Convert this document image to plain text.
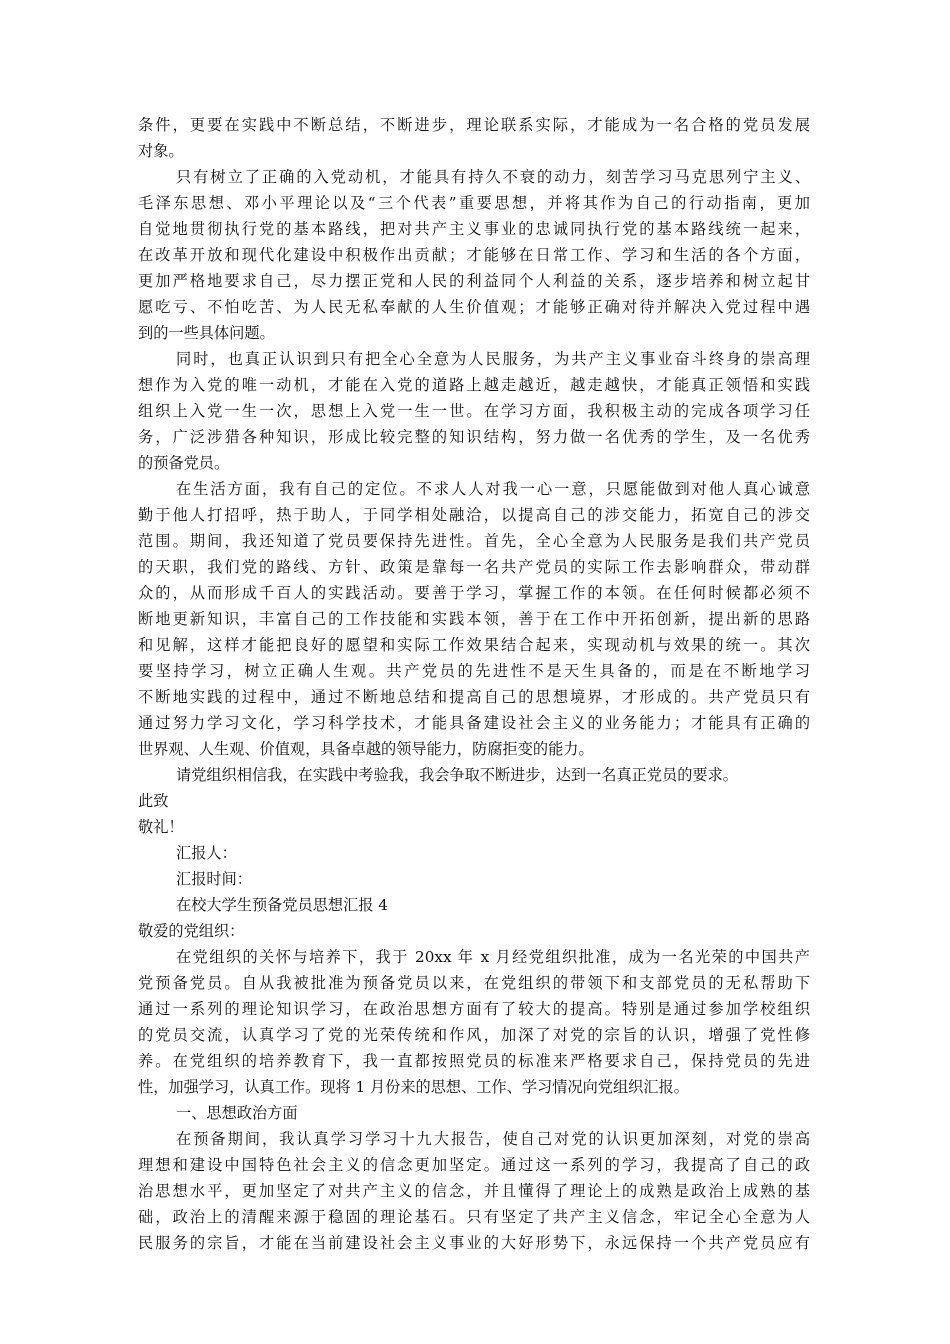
条件，更要在实践中不断总结，不断进步，理论联系实际，才能成为一名合格的党员发展
对象。
只有树立了正确的入党动机，才能具有持久不衰的动力，刻苦学习马克思列宁主义、
毛泽东思想、邓小平理论以及“三个代表”重要思想，并将其作为自己的行动指南，更加
自觉地贯彻执行党的基本路线，把对共产主义事业的忠诚同执行党的基本路线统一起来，
在改革开放和现代化建设中积极作出贡献；才能够在日常工作、学习和生活的各个方面，
更加严格地要求自己，尽力摆正党和人民的利益同个人利益的关系，逐步培养和树立起甘
愿吃亏、不怕吃苦、为人民无私奉献的人生价值观；才能够正确对待并解决入党过程中遇
到的一些具体问题。
同时，也真正认识到只有把全心全意为人民服务，为共产主义事业奋斗终身的崇高理
想作为入党的唯一动机，才能在入党的道路上越走越近，越走越快，才能真正领悟和实践
组织上入党一生一次，思想上入党一生一世。在学习方面，我积极主动的完成各项学习任
务，广泛涉猎各种知识，形成比较完整的知识结构，努力做一名优秀的学生，及一名优秀
的预备党员。
在生活方面，我有自己的定位。不求人人对我一心一意，只愿能做到对他人真心诚意
勤于他人打招呼，热于助人，于同学相处融洽，以提高自己的涉交能力，拓宽自己的涉交
范围。期间，我还知道了党员要保持先进性。首先，全心全意为人民服务是我们共产党员
的天职，我们党的路线、方针、政策是靠每一名共产党员的实际工作去影响群众，带动群
众的，从而形成千百人的实践活动。要善于学习，掌握工作的本领。在任何时候都必须不
断地更新知识，丰富自己的工作技能和实践本领，善于在工作中开拓创新，提出新的思路
和见解，这样才能把良好的愿望和实际工作效果结合起来，实现动机与效果的统一。其次
要坚持学习，树立正确人生观。共产党员的先进性不是天生具备的，而是在不断地学习
不断地实践的过程中，通过不断地总结和提高自己的思想境界，才形成的。共产党员只有
通过努力学习文化，学习科学技术，才能具备建设社会主义的业务能力；才能具有正确的
世界观、人生观、价值观，具备卓越的领导能力，防腐拒变的能力。
请党组织相信我，在实践中考验我，我会争取不断进步，达到一名真正党员的要求。
此致
敬礼！
汇报人：
汇报时间：
在校大学生预备党员思想汇报 4
敬爱的党组织：
在党组织的关怀与培养下，我于 20xx 年 x 月经党组织批准，成为一名光荣的中国共产
党预备党员。自从我被批准为预备党员以来，在党组织的带领下和支部党员的无私帮助下
通过一系列的理论知识学习，在政治思想方面有了较大的提高。特别是通过参加学校组织
的党员交流，认真学习了党的光荣传统和作风，加深了对党的宗旨的认识，增强了党性修
养。在党组织的培养教育下，我一直都按照党员的标准来严格要求自己，保持党员的先进
性，加强学习，认真工作。现将 1 月份来的思想、工作、学习情况向党组织汇报。
一、思想政治方面
在预备期间，我认真学习学习十九大报告，使自己对党的认识更加深刻，对党的崇高
理想和建设中国特色社会主义的信念更加坚定。通过这一系列的学习，我提高了自己的政
治思想水平，更加坚定了对共产主义的信念，并且懂得了理论上的成熟是政治上成熟的基
础，政治上的清醒来源于稳固的理论基石。只有坚定了共产主义信念，牢记全心全意为人
民服务的宗旨，才能在当前建设社会主义事业的大好形势下，永远保持一个共产党员应有
